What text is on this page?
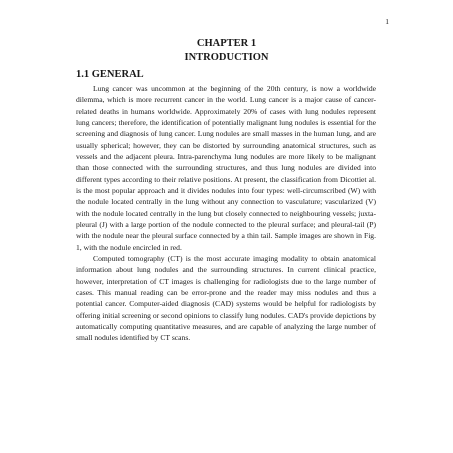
1
CHAPTER 1
INTRODUCTION
1.1 GENERAL

Lung cancer was uncommon at the beginning of the 20th century, is now a worldwide dilemma, which is more recurrent cancer in the world. Lung cancer is a major cause of cancer-related deaths in humans worldwide. Approximately 20% of cases with lung nodules represent lung cancers; therefore, the identification of potentially malignant lung nodules is essential for the screening and diagnosis of lung cancer. Lung nodules are small masses in the human lung, and are usually spherical; however, they can be distorted by surrounding anatomical structures, such as vessels and the adjacent pleura. Intra-parenchyma lung nodules are more likely to be malignant than those connected with the surrounding structures, and thus lung nodules are divided into different types according to their relative positions. At present, the classification from Dicottiet al. is the most popular approach and it divides nodules into four types: well-circumscribed (W) with the nodule located centrally in the lung without any connection to vasculature; vascularized (V) with the nodule located centrally in the lung but closely connected to neighbouring vessels; juxta-pleural (J) with a large portion of the nodule connected to the pleural surface; and pleural-tail (P) with the nodule near the pleural surface connected by a thin tail. Sample images are shown in Fig. 1, with the nodule encircled in red.

Computed tomography (CT) is the most accurate imaging modality to obtain anatomical information about lung nodules and the surrounding structures. In current clinical practice, however, interpretation of CT images is challenging for radiologists due to the large number of cases. This manual reading can be error-prone and the reader may miss nodules and thus a potential cancer. Computer-aided diagnosis (CAD) systems would be helpful for radiologists by offering initial screening or second opinions to classify lung nodules. CAD's provide depictions by automatically computing quantitative measures, and are capable of analyzing the large number of small nodules identified by CT scans.
